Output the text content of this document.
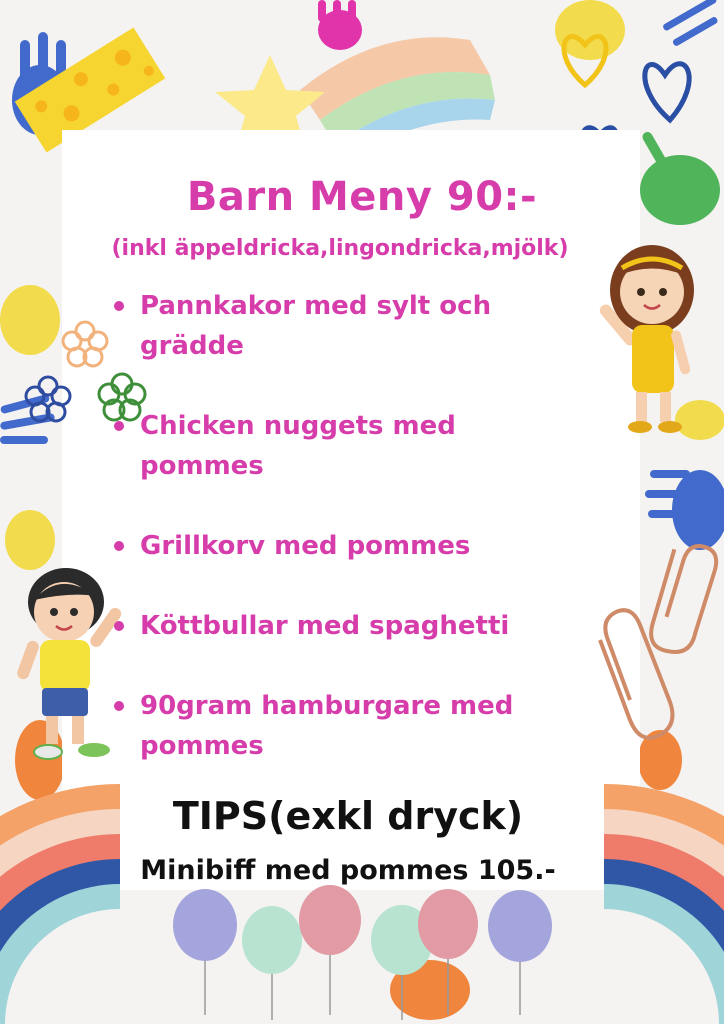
Barn Meny 90:-
(inkl äppeldricka,lingondricka,mjölk)
Pannkakor med sylt och
grädde
Chicken nuggets med
pommes
Grillkorv med pommes
Köttbullar med spaghetti
90gram hamburgare med
pommes
TIPS(exkl dryck)
Minibiff med pommes 105.-
